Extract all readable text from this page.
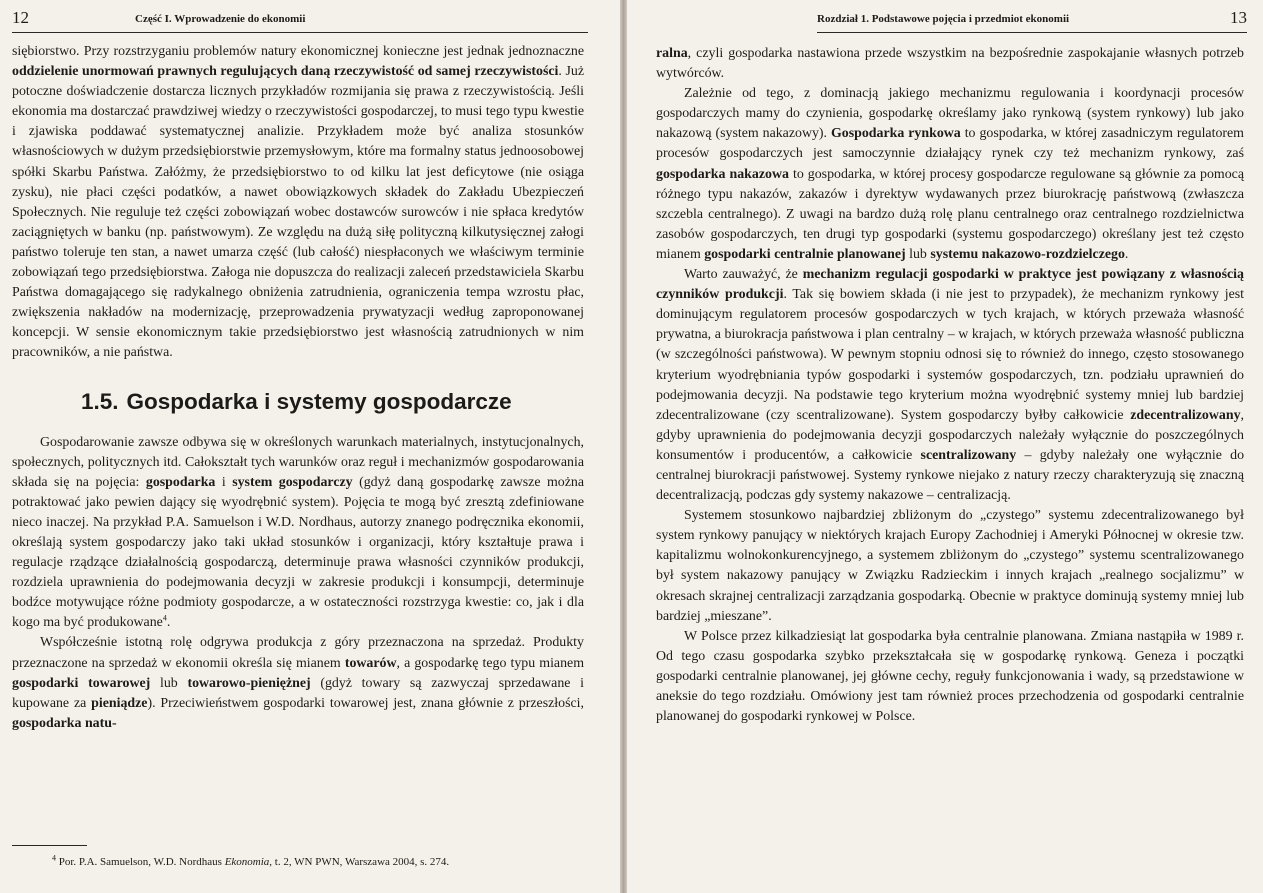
12	Część I. Wprowadzenie do ekonomii

siębiorstwo. Przy rozstrzyganiu problemów natury ekonomicznej konieczne jest jednak jednoznaczne oddzielenie unormowań prawnych regulujących daną rzeczywistość od samej rzeczywistości. Już potoczne doświadczenie dostarcza licznych przykładów rozmijania się prawa z rzeczywistością. Jeśli ekonomia ma dostarczać prawdziwej wiedzy o rzeczywistości gospodarczej, to musi tego typu kwestie i zjawiska poddawać systematycznej analizie. Przykładem może być analiza stosunków własnościowych w dużym przedsiębiorstwie przemysłowym, które ma formalny status jednoosobowej spółki Skarbu Państwa. Załóżmy, że przedsiębiorstwo to od kilku lat jest deficytowe (nie osiąga zysku), nie płaci części podatków, a nawet obowiązkowych składek do Zakładu Ubezpieczeń Społecznych. Nie reguluje też części zobowiązań wobec dostawców surowców i nie spłaca kredytów zaciągniętych w banku (np. państwowym). Ze względu na dużą siłę polityczną kilkutysięcznej załogi państwo toleruje ten stan, a nawet umarza część (lub całość) niespłaconych we właściwym terminie zobowiązań tego przedsiębiorstwa. Załoga nie dopuszcza do realizacji zaleceń przedstawiciela Skarbu Państwa domagającego się radykalnego obniżenia zatrudnienia, ograniczenia tempa wzrostu płac, zwiększenia nakładów na modernizację, przeprowadzenia prywatyzacji według zaproponowanej koncepcji. W sensie ekonomicznym takie przedsiębiorstwo jest własnością zatrudnionych w nim pracowników, a nie państwa.

1.5. Gospodarka i systemy gospodarcze

Gospodarowanie zawsze odbywa się w określonych warunkach materialnych, instytucjonalnych, społecznych, politycznych itd. Całokształt tych warunków oraz reguł i mechanizmów gospodarowania składa się na pojęcia: gospodarka i system gospodarczy (gdyż daną gospodarkę zawsze można potraktować jako pewien dający się wyodrębnić system). Pojęcia te mogą być zresztą zdefiniowane nieco inaczej. Na przykład P.A. Samuelson i W.D. Nordhaus, autorzy znanego podręcznika ekonomii, określają system gospodarczy jako taki układ stosunków i organizacji, który kształtuje prawa i regulacje rządzące działalnością gospodarczą, determinuje prawa własności czynników produkcji, rozdziela uprawnienia do podejmowania decyzji w zakresie produkcji i konsumpcji, determinuje bodźce motywujące różne podmioty gospodarcze, a w ostateczności rozstrzyga kwestie: co, jak i dla kogo ma być produkowane$^4$.

Współcześnie istotną rolę odgrywa produkcja z góry przeznaczona na sprzedaż. Produkty przeznaczone na sprzedaż w ekonomii określa się mianem towarów, a gospodarkę tego typu mianem gospodarki towarowej lub towarowo-pieniężnej (gdyż towary są zazwyczaj sprzedawane i kupowane za pieniądze). Przeciwieństwem gospodarki towarowej jest, znana głównie z przeszłości, gospodarka natu-

$^4$ Por. P.A. Samuelson, W.D. Nordhaus Ekonomia, t. 2, WN PWN, Warszawa 2004, s. 274.
Rozdział 1. Podstawowe pojęcia i przedmiot ekonomii	13

ralna, czyli gospodarka nastawiona przede wszystkim na bezpośrednie zaspokajanie własnych potrzeb wytwórców.

Zależnie od tego, z dominacją jakiego mechanizmu regulowania i koordynacji procesów gospodarczych mamy do czynienia, gospodarkę określamy jako rynkową (system rynkowy) lub jako nakazową (system nakazowy). Gospodarka rynkowa to gospodarka, w której zasadniczym regulatorem procesów gospodarczych jest samoczynnie działający rynek czy też mechanizm rynkowy, zaś gospodarka nakazowa to gospodarka, w której procesy gospodarcze regulowane są głównie za pomocą różnego typu nakazów, zakazów i dyrektyw wydawanych przez biurokrację państwową (zwłaszcza szczebla centralnego). Z uwagi na bardzo dużą rolę planu centralnego oraz centralnego rozdzielnictwa zasobów gospodarczych, ten drugi typ gospodarki (systemu gospodarczego) określany jest też często mianem gospodarki centralnie planowanej lub systemu nakazowo-rozdzielczego.

Warto zauważyć, że mechanizm regulacji gospodarki w praktyce jest powiązany z własnością czynników produkcji. Tak się bowiem składa (i nie jest to przypadek), że mechanizm rynkowy jest dominującym regulatorem procesów gospodarczych w tych krajach, w których przeważa własność prywatna, a biurokracja państwowa i plan centralny – w krajach, w których przeważa własność publiczna (w szczególności państwowa). W pewnym stopniu odnosi się to również do innego, często stosowanego kryterium wyodrębniania typów gospodarki i systemów gospodarczych, tzn. podziału uprawnień do podejmowania decyzji. Na podstawie tego kryterium można wyodrębnić systemy mniej lub bardziej zdecentralizowane (czy scentralizowane). System gospodarczy byłby całkowicie zdecentralizowany, gdyby uprawnienia do podejmowania decyzji gospodarczych należały wyłącznie do poszczególnych konsumentów i producentów, a całkowicie scentralizowany – gdyby należały one wyłącznie do centralnej biurokracji państwowej. Systemy rynkowe niejako z natury rzeczy charakteryzują się znaczną decentralizacją, podczas gdy systemy nakazowe – centralizacją.

Systemem stosunkowo najbardziej zbliżonym do „czystego” systemu zdecentralizowanego był system rynkowy panujący w niektórych krajach Europy Zachodniej i Ameryki Północnej w okresie tzw. kapitalizmu wolnokonkurencyjnego, a systemem zbliżonym do „czystego” systemu scentralizowanego był system nakazowy panujący w Związku Radzieckim i innych krajach „realnego socjalizmu” w okresach skrajnej centralizacji zarządzania gospodarką. Obecnie w praktyce dominują systemy mniej lub bardziej „mieszane”.

W Polsce przez kilkadziesiąt lat gospodarka była centralnie planowana. Zmiana nastąpiła w 1989 r. Od tego czasu gospodarka szybko przekształcała się w gospodarkę rynkową. Geneza i początki gospodarki centralnie planowanej, jej główne cechy, reguły funkcjonowania i wady, są przedstawione w aneksie do tego rozdziału. Omówiony jest tam również proces przechodzenia od gospodarki centralnie planowanej do gospodarki rynkowej w Polsce.
